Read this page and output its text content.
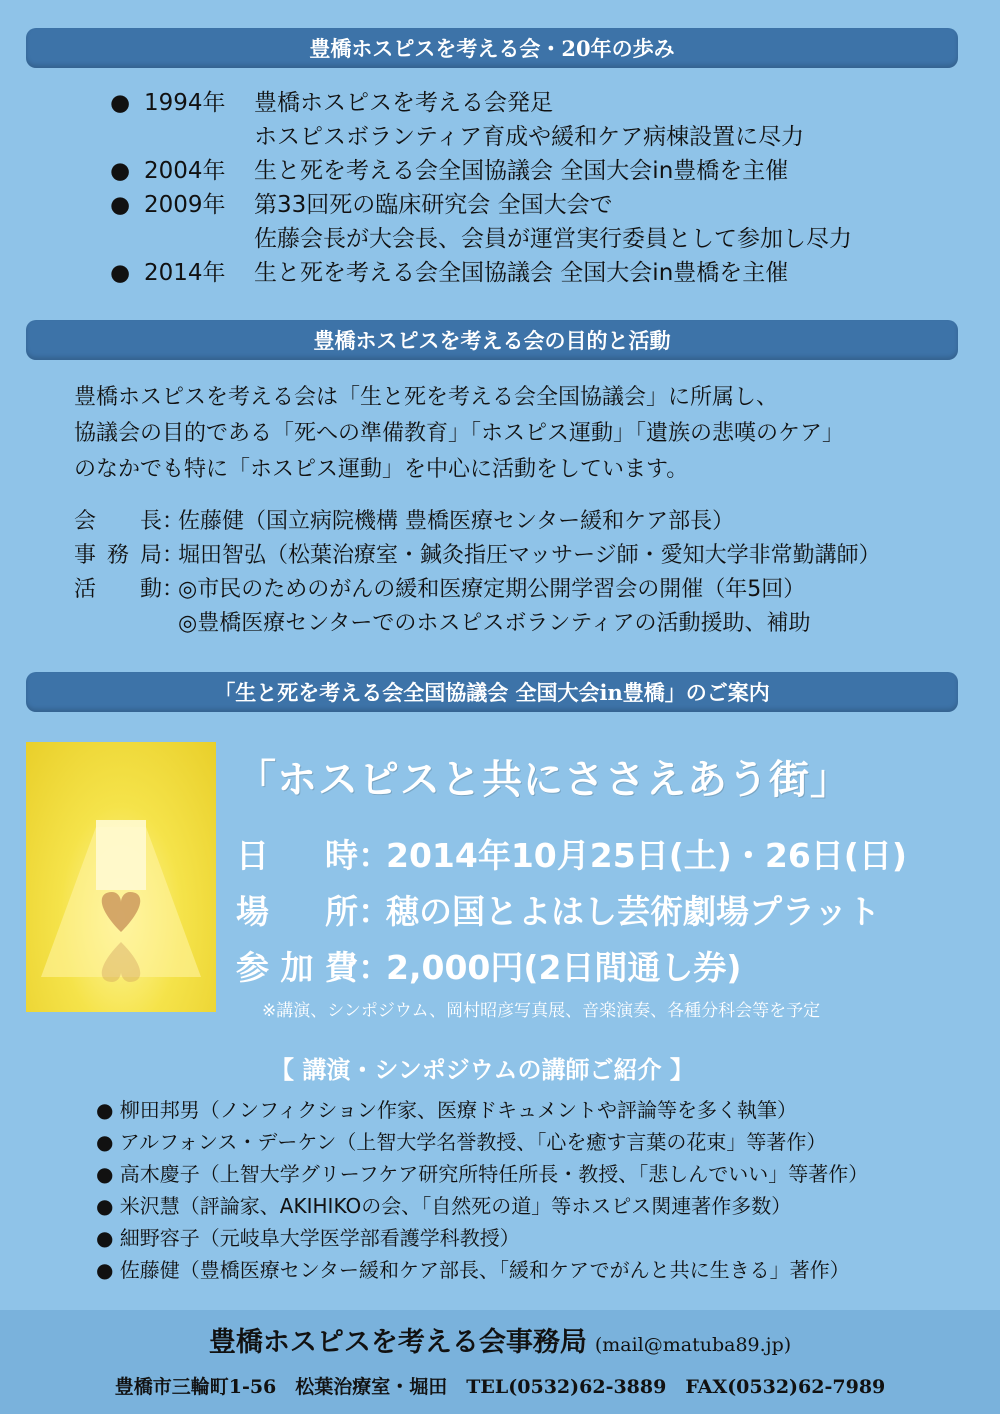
豊橋ホスピスを考える会・20年の歩み
● 1994年	豊橋ホスピスを考える会発足
ホスピスボランティア育成や緩和ケア病棟設置に尽力
● 2004年	生と死を考える会全国協議会 全国大会in豊橋を主催
● 2009年	第33回死の臨床研究会 全国大会で
佐藤会長が大会長、会員が運営実行委員として参加し尽力
● 2014年	生と死を考える会全国協議会 全国大会in豊橋を主催
豊橋ホスピスを考える会の目的と活動
豊橋ホスピスを考える会は「生と死を考える会全国協議会」に所属し、
協議会の目的である「死への準備教育」「ホスピス運動」「遺族の悲嘆のケア」
のなかでも特に「ホスピス運動」を中心に活動をしています。
会長 ：
佐藤健（国立病院機構 豊橋医療センター緩和ケア部長）
事務局 ：
堀田智弘（松葉治療室・鍼灸指圧マッサージ師・愛知大学非常勤講師）
活動 ：
◎市民のためのがんの緩和医療定期公開学習会の開催（年5回）
◎豊橋医療センターでのホスピスボランティアの活動援助、補助
「生と死を考える会全国協議会 全国大会in豊橋」のご案内
「ホスピスと共にささえあう街」
日時 ：
2014年10月25日(土)・26日(日)
場所 ：
穂の国とよはし芸術劇場プラット
参加費 ：
2,000円(2日間通し券)
※講演、シンポジウム、岡村昭彦写真展、音楽演奏、各種分科会等を予定
【 講演・シンポジウムの講師ご紹介 】
● 柳田邦男（ノンフィクション作家、医療ドキュメントや評論等を多く執筆）
● アルフォンス・デーケン（上智大学名誉教授、「心を癒す言葉の花束」等著作）
● 高木慶子（上智大学グリーフケア研究所特任所長・教授、「悲しんでいい」等著作）
● 米沢慧（評論家、AKIHIKOの会、「自然死の道」等ホスピス関連著作多数）
● 細野容子（元岐阜大学医学部看護学科教授）
● 佐藤健（豊橋医療センター緩和ケア部長、「緩和ケアでがんと共に生きる」著作）
豊橋ホスピスを考える会事務局 (mail@matuba89.jp)
豊橋市三輪町1-56　松葉治療室・堀田　TEL(0532)62-3889　FAX(0532)62-7989
